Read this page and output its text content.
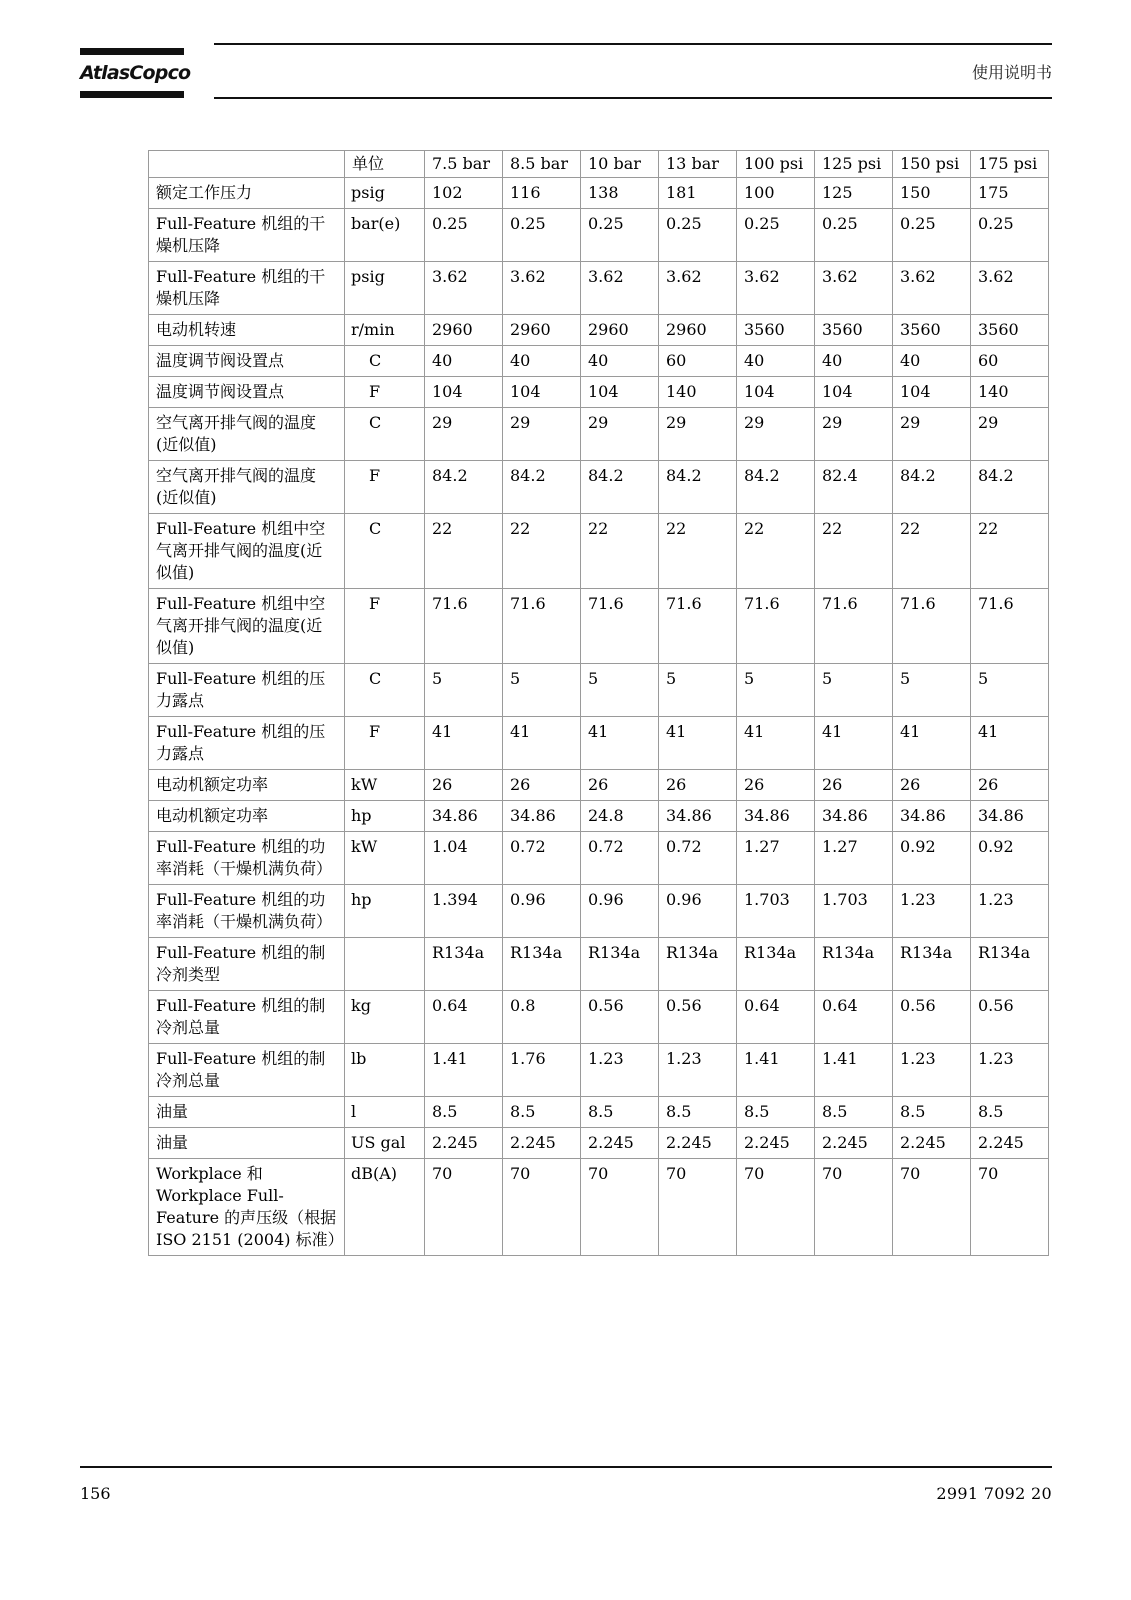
AtlasCopco	使用说明书
	单位	7.5 bar	8.5 bar	10 bar	13 bar	100 psi	125 psi	150 psi	175 psi
额定工作压力	psig	102	116	138	181	100	125	150	175
Full-Feature 机组的干燥机压降	bar(e)	0.25	0.25	0.25	0.25	0.25	0.25	0.25	0.25
Full-Feature 机组的干燥机压降	psig	3.62	3.62	3.62	3.62	3.62	3.62	3.62	3.62
电动机转速	r/min	2960	2960	2960	2960	3560	3560	3560	3560
温度调节阀设置点	C	40	40	40	60	40	40	40	60
温度调节阀设置点	F	104	104	104	140	104	104	104	140
空气离开排气阀的温度(近似值)	C	29	29	29	29	29	29	29	29
空气离开排气阀的温度(近似值)	F	84.2	84.2	84.2	84.2	84.2	82.4	84.2	84.2
Full-Feature 机组中空气离开排气阀的温度(近似值)	C	22	22	22	22	22	22	22	22
Full-Feature 机组中空气离开排气阀的温度(近似值)	F	71.6	71.6	71.6	71.6	71.6	71.6	71.6	71.6
Full-Feature 机组的压力露点	C	5	5	5	5	5	5	5	5
Full-Feature 机组的压力露点	F	41	41	41	41	41	41	41	41
电动机额定功率	kW	26	26	26	26	26	26	26	26
电动机额定功率	hp	34.86	34.86	24.8	34.86	34.86	34.86	34.86	34.86
Full-Feature 机组的功率消耗（干燥机满负荷）	kW	1.04	0.72	0.72	0.72	1.27	1.27	0.92	0.92
Full-Feature 机组的功率消耗（干燥机满负荷）	hp	1.394	0.96	0.96	0.96	1.703	1.703	1.23	1.23
Full-Feature 机组的制冷剂类型		R134a	R134a	R134a	R134a	R134a	R134a	R134a	R134a
Full-Feature 机组的制冷剂总量	kg	0.64	0.8	0.56	0.56	0.64	0.64	0.56	0.56
Full-Feature 机组的制冷剂总量	lb	1.41	1.76	1.23	1.23	1.41	1.41	1.23	1.23
油量	l	8.5	8.5	8.5	8.5	8.5	8.5	8.5	8.5
油量	US gal	2.245	2.245	2.245	2.245	2.245	2.245	2.245	2.245
Workplace 和 Workplace Full-Feature 的声压级（根据 ISO 2151 (2004) 标准）	dB(A)	70	70	70	70	70	70	70	70
156	2991 7092 20
